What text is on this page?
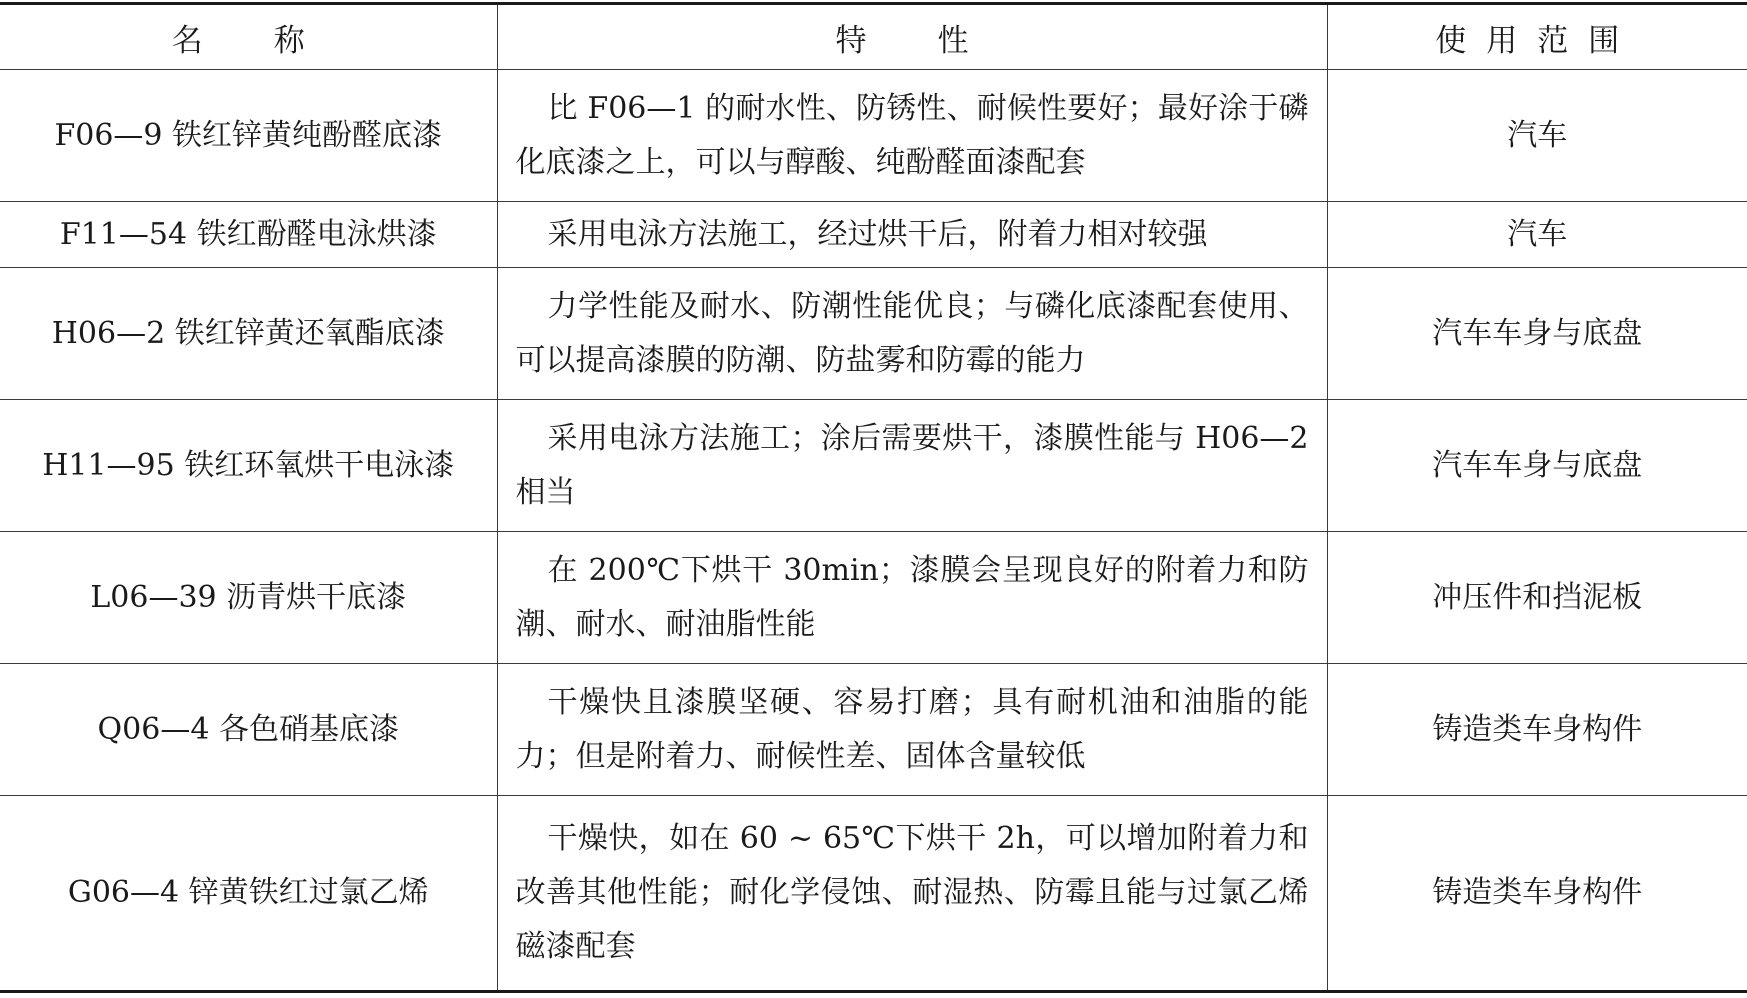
名　称	特　性	使用范围
F06—9 铁红锌黄纯酚醛底漆	比 F06—1 的耐水性、防锈性、耐候性要好；最好涂于磷化底漆之上，可以与醇酸、纯酚醛面漆配套	汽车
F11—54 铁红酚醛电泳烘漆	采用电泳方法施工，经过烘干后，附着力相对较强	汽车
H06—2 铁红锌黄还氧酯底漆	力学性能及耐水、防潮性能优良；与磷化底漆配套使用、可以提高漆膜的防潮、防盐雾和防霉的能力	汽车车身与底盘
H11—95 铁红环氧烘干电泳漆	采用电泳方法施工；涂后需要烘干，漆膜性能与 H06—2 相当	汽车车身与底盘
L06—39 沥青烘干底漆	在 200℃下烘干 30min；漆膜会呈现良好的附着力和防潮、耐水、耐油脂性能	冲压件和挡泥板
Q06—4 各色硝基底漆	干燥快且漆膜坚硬、容易打磨；具有耐机油和油脂的能力；但是附着力、耐候性差、固体含量较低	铸造类车身构件
G06—4 锌黄铁红过氯乙烯	干燥快，如在 60 ~ 65℃下烘干 2h，可以增加附着力和改善其他性能；耐化学侵蚀、耐湿热、防霉且能与过氯乙烯磁漆配套	铸造类车身构件
